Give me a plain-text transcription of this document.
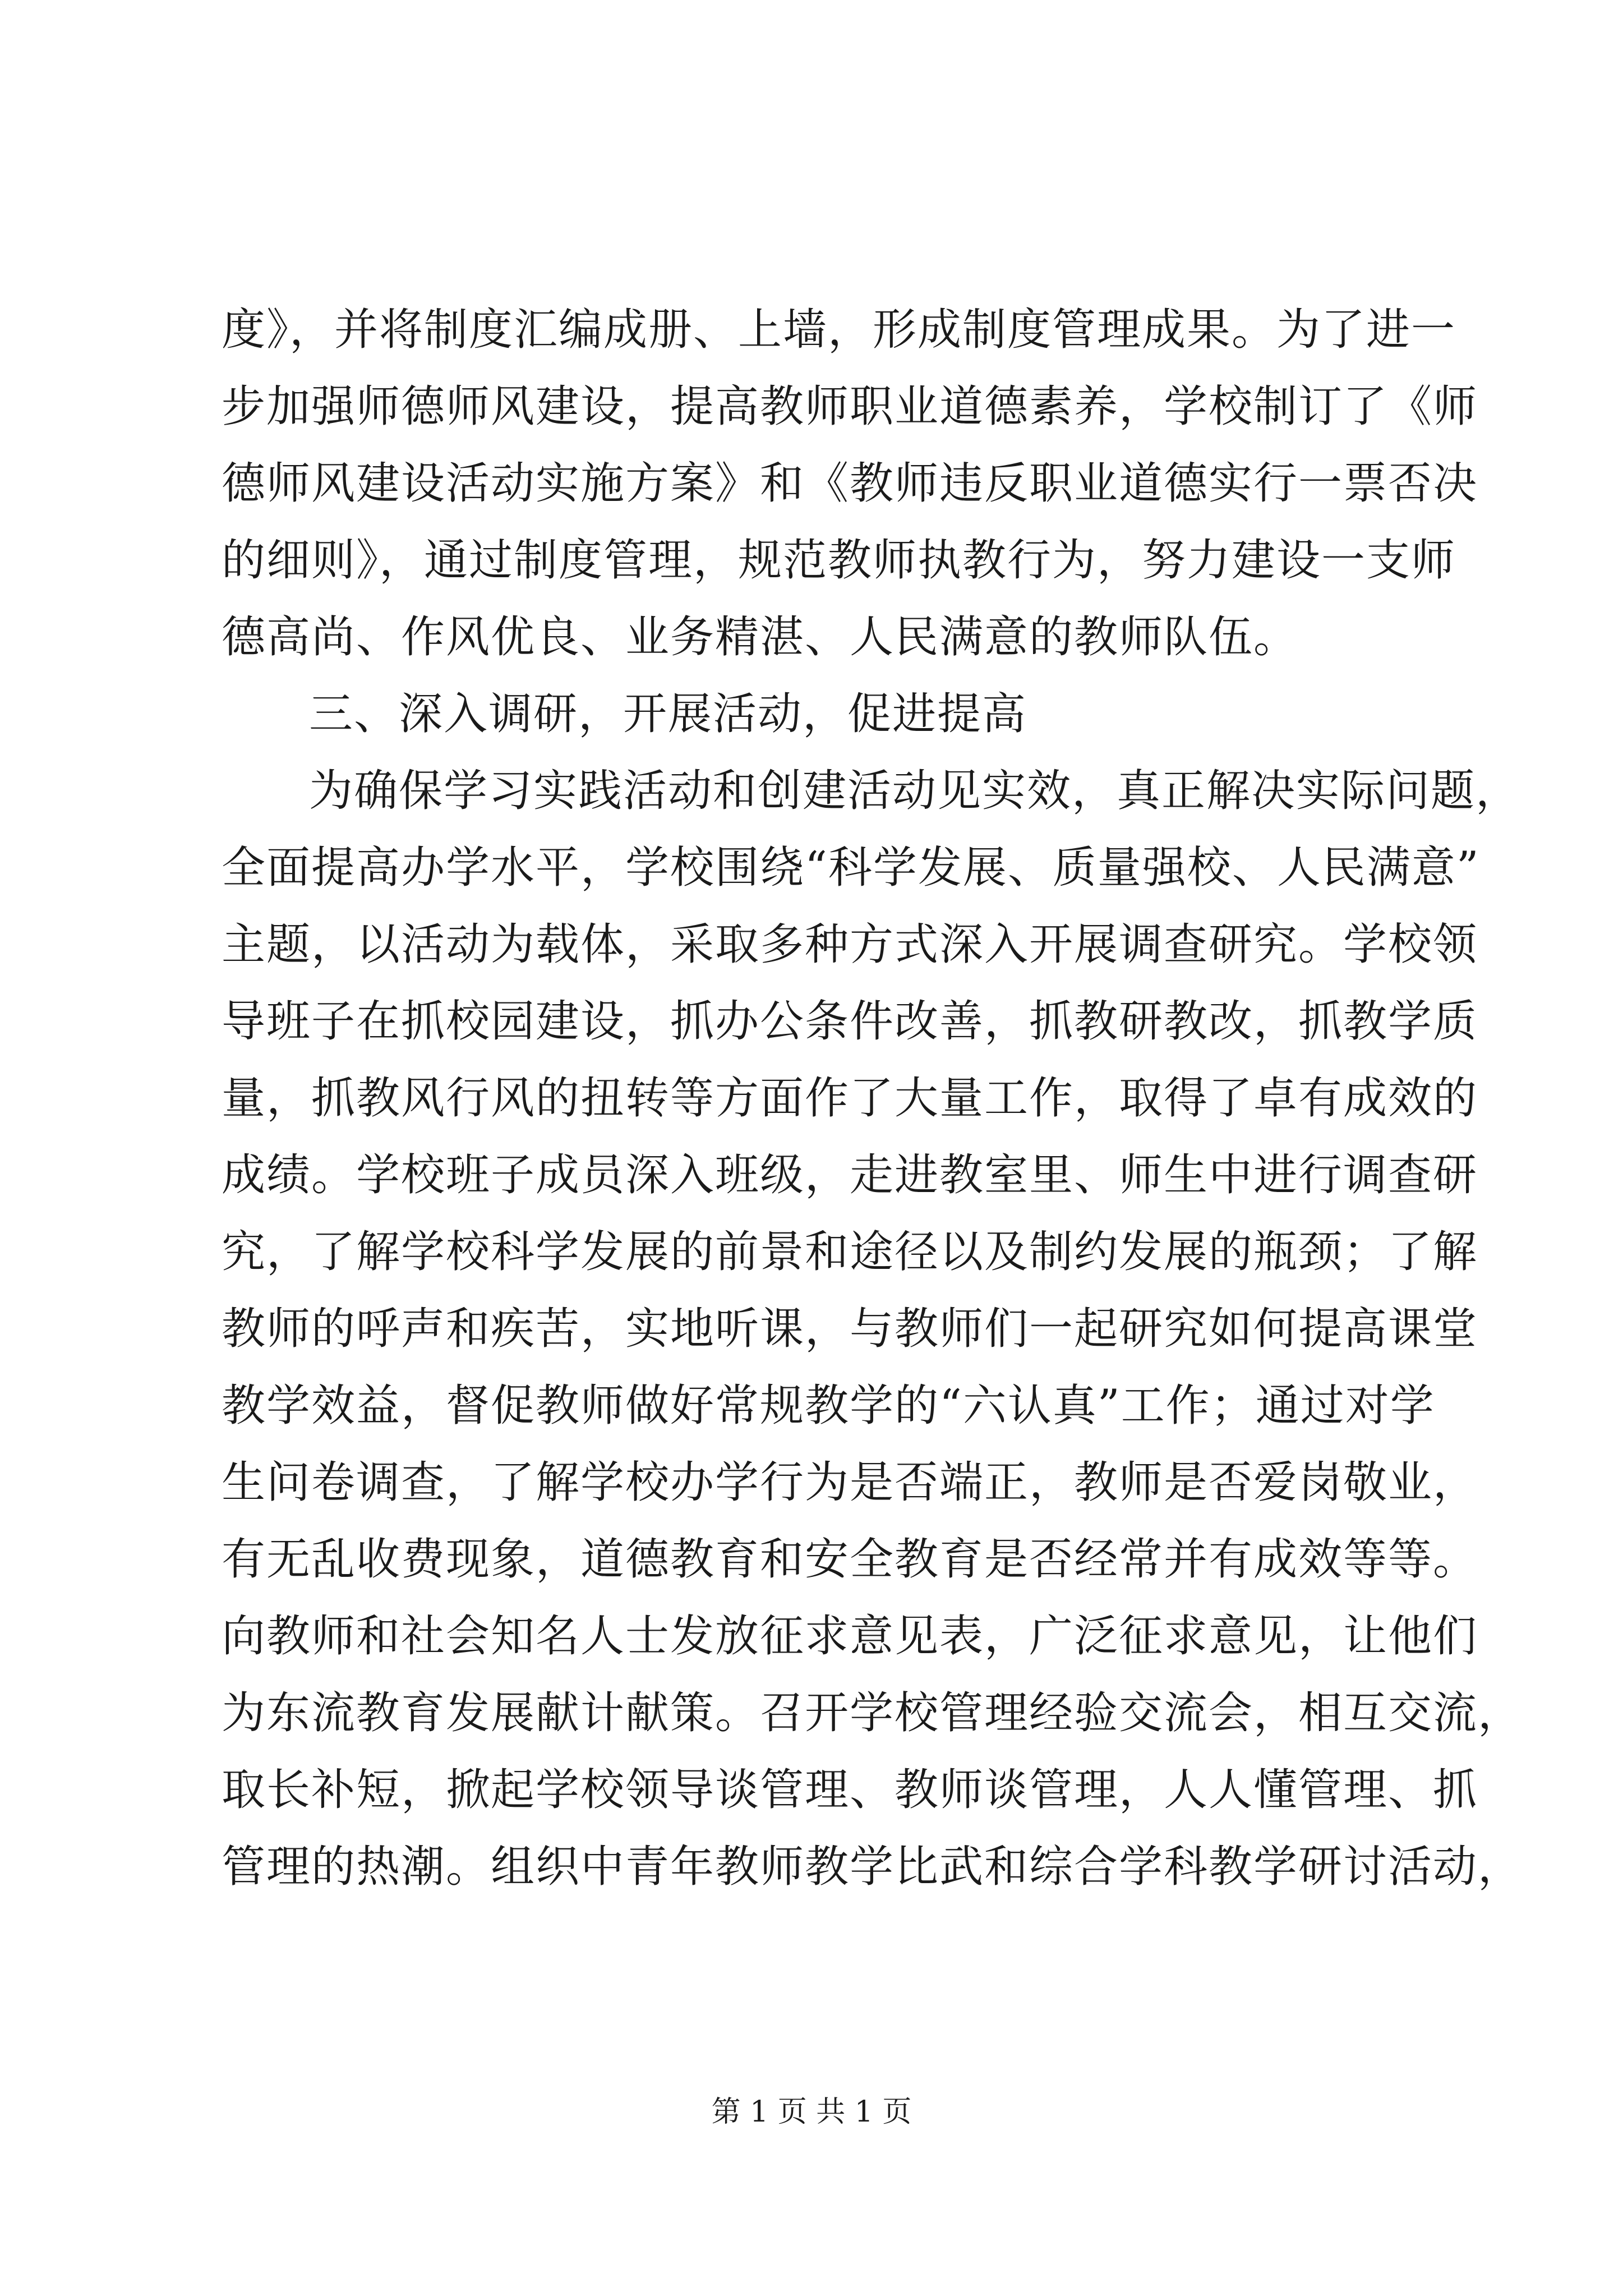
度》，并将制度汇编成册、上墙，形成制度管理成果。为了进一
步加强师德师风建设，提高教师职业道德素养，学校制订了《师
德师风建设活动实施方案》和《教师违反职业道德实行一票否决
的细则》，通过制度管理，规范教师执教行为，努力建设一支师
德高尚、作风优良、业务精湛、人民满意的教师队伍。
三、深入调研，开展活动，促进提高
为确保学习实践活动和创建活动见实效，真正解决实际问题，
全面提高办学水平，学校围绕“科学发展、质量强校、人民满意”
主题，以活动为载体，采取多种方式深入开展调查研究。学校领
导班子在抓校园建设，抓办公条件改善，抓教研教改，抓教学质
量，抓教风行风的扭转等方面作了大量工作，取得了卓有成效的
成绩。学校班子成员深入班级，走进教室里、师生中进行调查研
究，了解学校科学发展的前景和途径以及制约发展的瓶颈；了解
教师的呼声和疾苦，实地听课，与教师们一起研究如何提高课堂
教学效益，督促教师做好常规教学的“六认真”工作；通过对学
生问卷调查，了解学校办学行为是否端正，教师是否爱岗敬业，
有无乱收费现象，道德教育和安全教育是否经常并有成效等等。
向教师和社会知名人士发放征求意见表，广泛征求意见，让他们
为东流教育发展献计献策。召开学校管理经验交流会，相互交流，
取长补短，掀起学校领导谈管理、教师谈管理，人人懂管理、抓
管理的热潮。组织中青年教师教学比武和综合学科教学研讨活动，
第 1 页 共 1 页
